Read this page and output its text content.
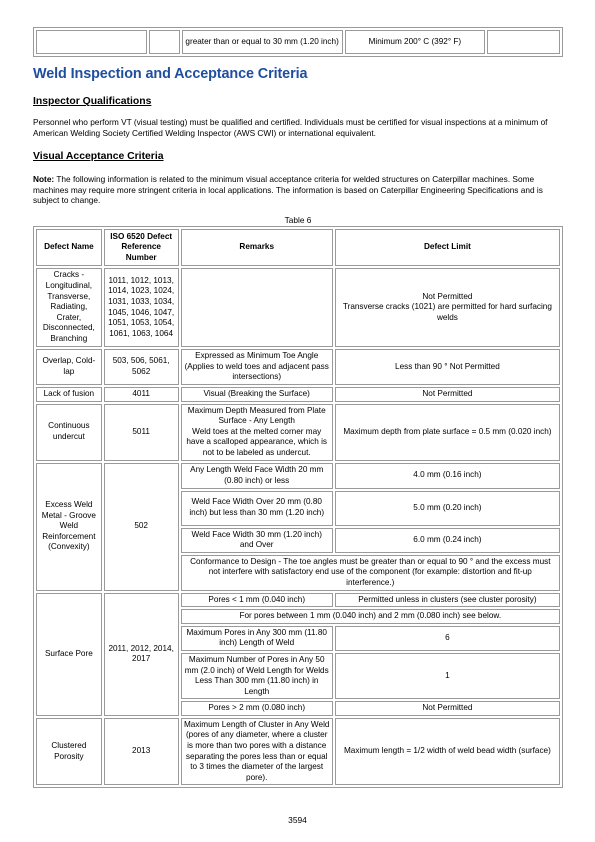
		greater than or equal to 30 mm (1.20 inch)	Minimum 200° C (392° F)	
Weld Inspection and Acceptance Criteria
Inspector Qualifications

Personnel who perform VT (visual testing) must be qualified and certified. Individuals must be certified for visual inspections at a minimum of American Welding Society Certified Welding Inspector (AWS CWI) or international equivalent.

Visual Acceptance Criteria

Note: The following information is related to the minimum visual acceptance criteria for welded structures on Caterpillar machines. Some machines may require more stringent criteria in local applications. The information is based on Caterpillar Engineering Specifications and is subject to change.

Table 6
Defect Name	ISO 6520 Defect Reference Number	Remarks	Defect Limit
Cracks - Longitudinal, Transverse, Radiating, Crater, Disconnected, Branching	1011, 1012, 1013, 1014, 1023, 1024, 1031, 1033, 1034, 1045, 1046, 1047, 1051, 1053, 1054, 1061, 1063, 1064		Not Permitted
Transverse cracks (1021) are permitted for hard surfacing welds

Overlap, Cold-lap	503, 506, 5061, 5062	Expressed as Minimum Toe Angle (Applies to weld toes and adjacent pass intersections)	Less than 90 ° Not Permitted
Lack of fusion	4011	Visual (Breaking the Surface)	Not Permitted
Continuous undercut	5011	Maximum Depth Measured from Plate Surface - Any Length
Weld toes at the melted corner may have a scalloped appearance, which is not to be labeled as undercut.	Maximum depth from plate surface = 0.5 mm (0.020 inch)
Excess Weld Metal - Groove Weld Reinforcement (Convexity)	502	Any Length Weld Face Width 20 mm (0.80 inch) or less	4.0 mm (0.16 inch)
		Weld Face Width Over 20 mm (0.80 inch) but less than 30 mm (1.20 inch)	5.0 mm (0.20 inch)
		Weld Face Width 30 mm (1.20 inch) and Over	6.0 mm (0.24 inch)
		Conformance to Design - The toe angles must be greater than or equal to 90 ° and the excess must not interfere with satisfactory end use of the component (for example: distortion and fit-up interference.)	
Surface Pore	2011, 2012, 2014, 2017	Pores < 1 mm (0.040 inch)	Permitted unless in clusters (see cluster porosity)
		For pores between 1 mm (0.040 inch) and 2 mm (0.080 inch) see below.	
		Maximum Pores in Any 300 mm (11.80 inch) Length of Weld	6
		Maximum Number of Pores in Any 50 mm (2.0 inch) of Weld Length for Welds Less Than 300 mm (11.80 inch) in Length	1
		Pores > 2 mm (0.080 inch)	Not Permitted
Clustered Porosity	2013	Maximum Length of Cluster in Any Weld (pores of any diameter, where a cluster is more than two pores with a distance separating the pores less than or equal to 3 times the diameter of the largest pore).	Maximum length = 1/2 width of weld bead width (surface)
3594
